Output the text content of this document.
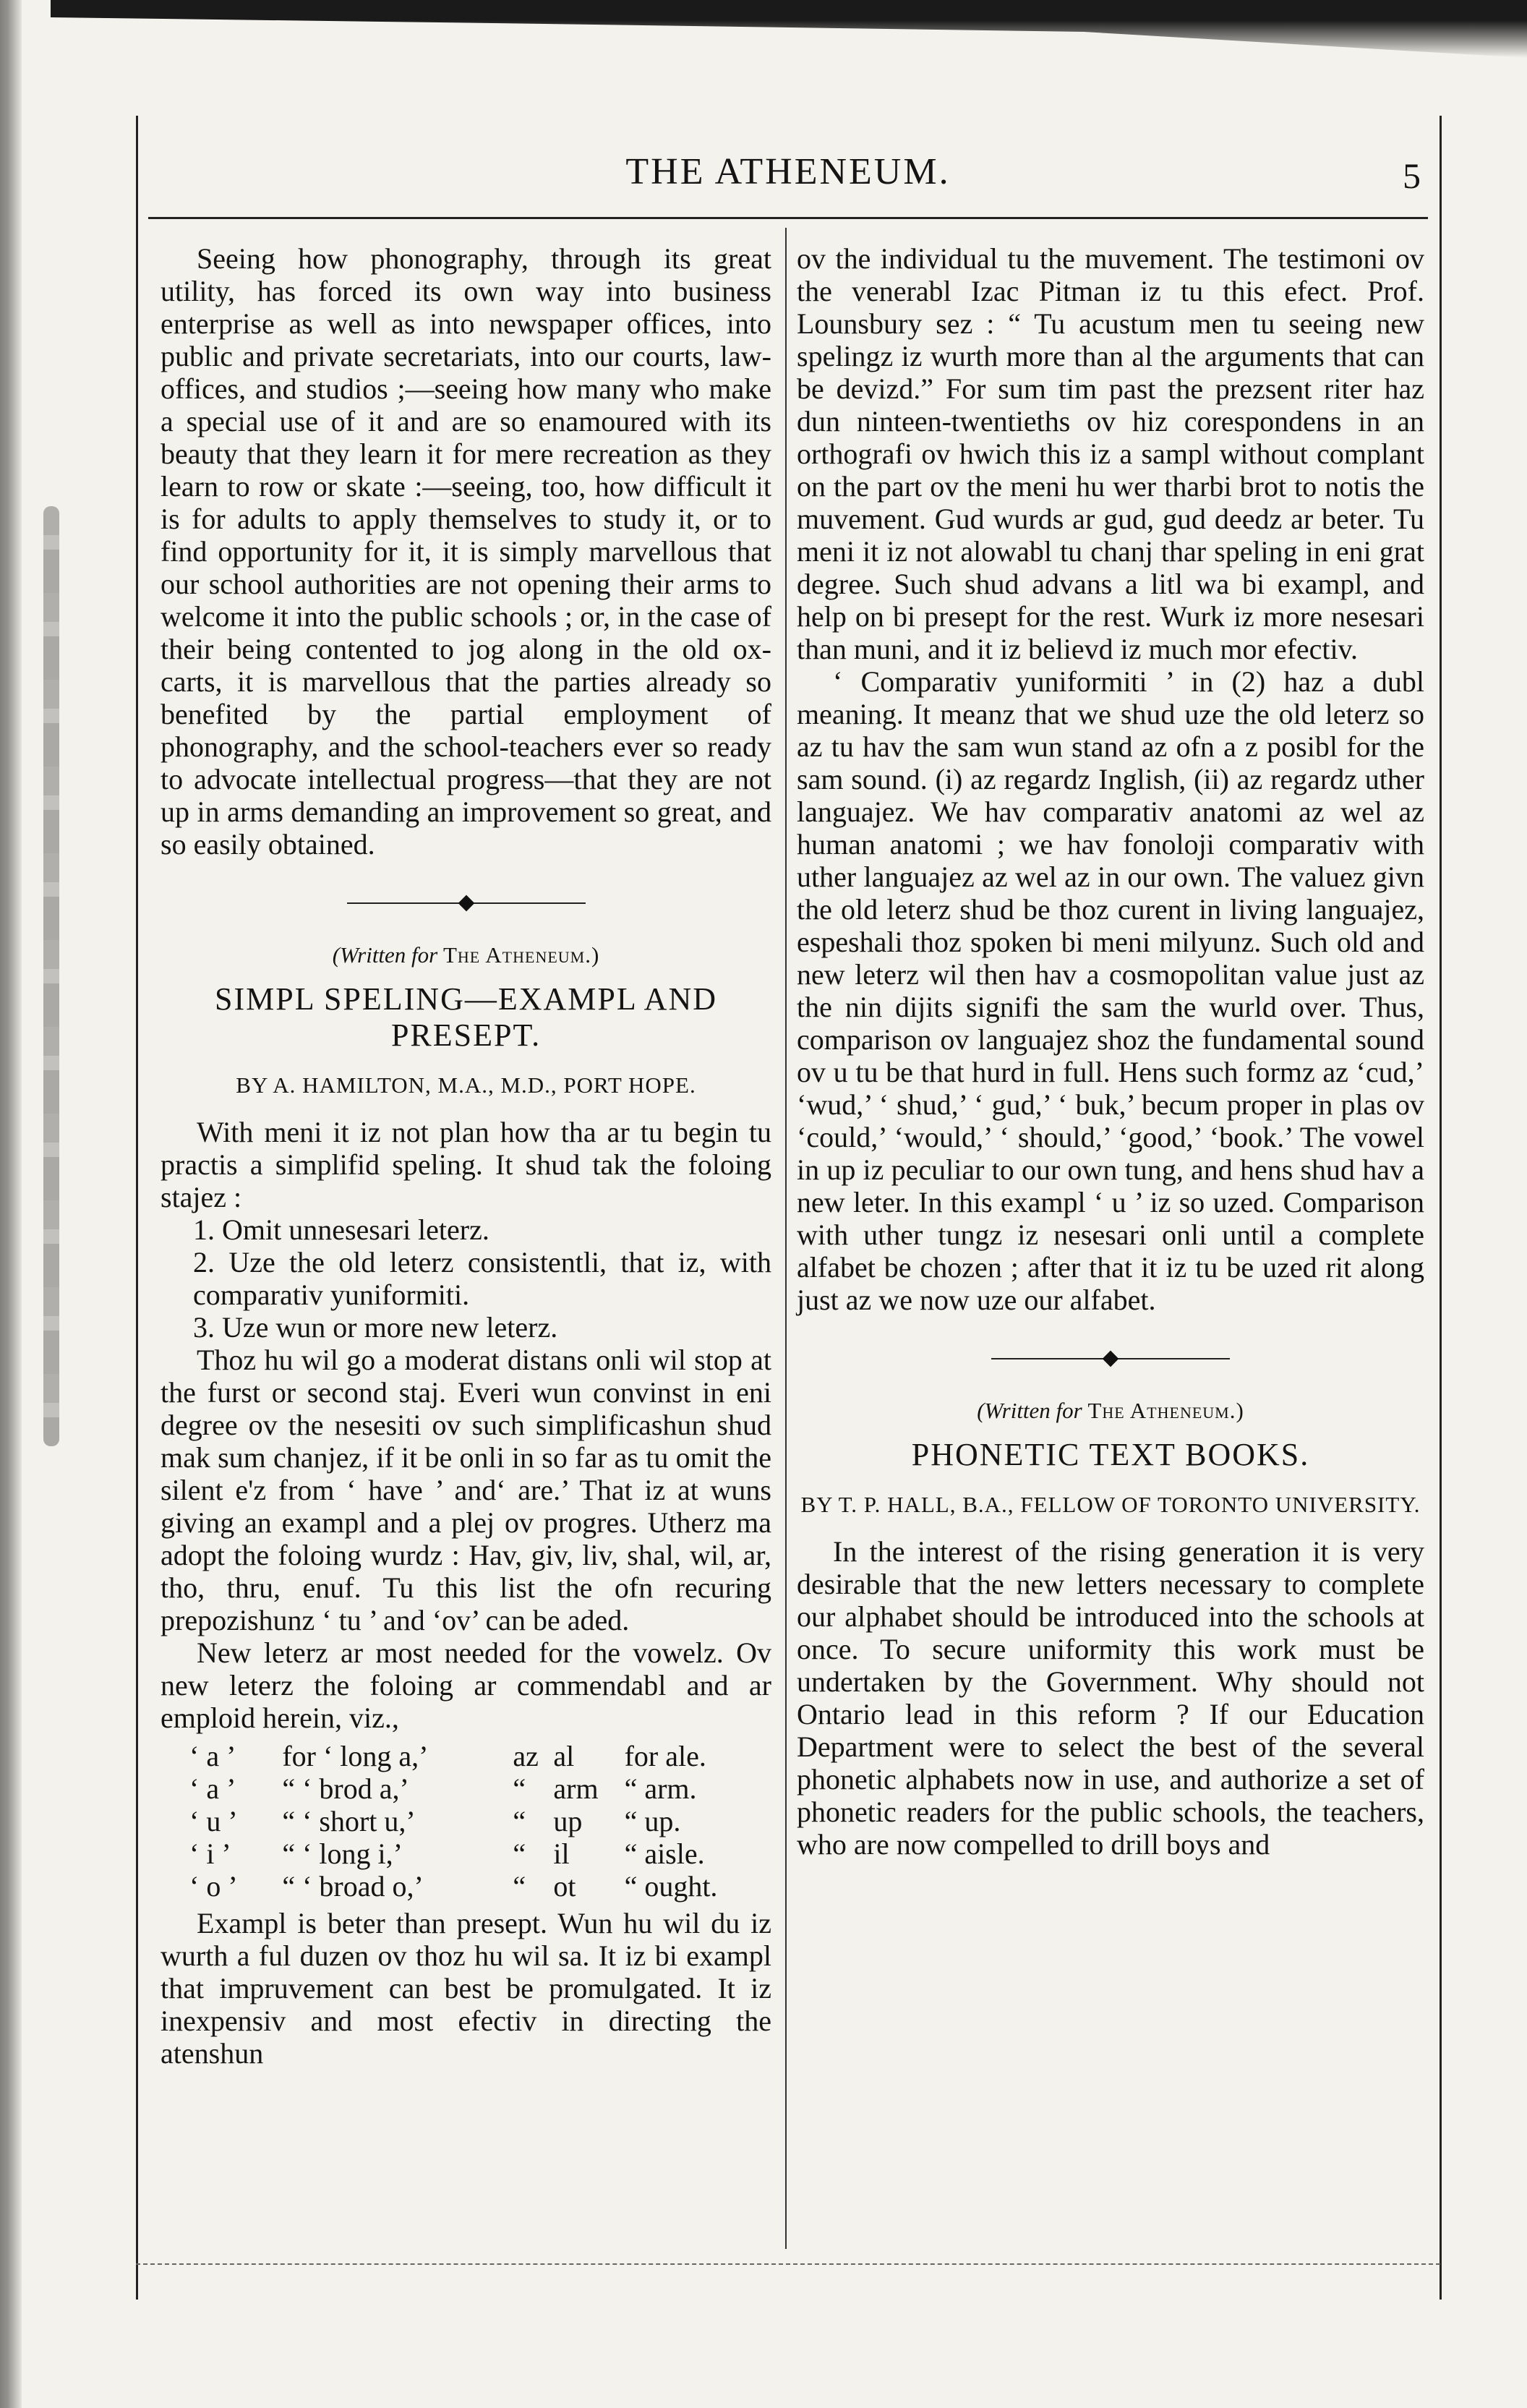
THE ATHENEUM.	5

Seeing how phonography, through its great utility, has forced its own way into business enterprise as well as into newspaper offices, into public and private secretariats, into our courts, law-offices, and studios ;—seeing how many who make a special use of it and are so enamoured with its beauty that they learn it for mere recreation as they learn to row or skate :—seeing, too, how difficult it is for adults to apply themselves to study it, or to find opportunity for it, it is simply marvellous that our school authorities are not opening their arms to welcome it into the public schools ; or, in the case of their being contented to jog along in the old ox-carts, it is marvellous that the parties already so benefited by the partial employment of phonography, and the school-teachers ever so ready to advocate intellectual progress—that they are not up in arms demanding an improvement so great, and so easily obtained.

(Written for The Atheneum.)
SIMPL SPELING—EXAMPL AND PRESEPT.
BY A. HAMILTON, M.A., M.D., PORT HOPE.

With meni it iz not plan how tha ar tu begin tu practis a simplifid speling. It shud tak the foloing stajez :

1. Omit unnesesari leterz.

2. Uze the old leterz consistentli, that iz, with comparativ yuniformiti.

3. Uze wun or more new leterz.

Thoz hu wil go a moderat distans onli wil stop at the furst or second staj. Everi wun convinst in eni degree ov the nesesiti ov such simplificashun shud mak sum chanjez, if it be onli in so far as tu omit the silent e'z from ‘ have ’ and‘ are.’ That iz at wuns giving an exampl and a plej ov progres. Utherz ma adopt the foloing wurdz : Hav, giv, liv, shal, wil, ar, tho, thru, enuf. Tu this list the ofn recuring prepozishunz ‘ tu ’ and ‘ov’ can be aded.

New leterz ar most needed for the vowelz. Ov new leterz the foloing ar commendabl and ar emploid herein, viz.,

‘ a ’	for ‘ long a,’	az	al	for ale.
‘ a ’	“ ‘ brod a,’	“	arm	“ arm.
‘ u ’	“ ‘ short u,’	“	up	“ up.
‘ i ’	“ ‘ long i,’	“	il	“ aisle.
‘ o ’	“ ‘ broad o,’	“	ot	“ ought.

Exampl is beter than presept. Wun hu wil du iz wurth a ful duzen ov thoz hu wil sa. It iz bi exampl that impruvement can best be promulgated. It iz inexpensiv and most efectiv in directing the atenshun

ov the individual tu the muvement. The testimoni ov the venerabl Izac Pitman iz tu this efect. Prof. Lounsbury sez : “ Tu acustum men tu seeing new spelingz iz wurth more than al the arguments that can be devizd.” For sum tim past the prezsent riter haz dun ninteen-twentieths ov hiz corespondens in an orthografi ov hwich this iz a sampl without complant on the part ov the meni hu wer tharbi brot to notis the muvement. Gud wurds ar gud, gud deedz ar beter. Tu meni it iz not alowabl tu chanj thar speling in eni grat degree. Such shud advans a litl wa bi exampl, and help on bi presept for the rest. Wurk iz more nesesari than muni, and it iz believd iz much mor efectiv.

‘ Comparativ yuniformiti ’ in (2) haz a dubl meaning. It meanz that we shud uze the old leterz so az tu hav the sam wun stand az ofn a z posibl for the sam sound. (i) az regardz Inglish, (ii) az regardz uther languajez. We hav comparativ anatomi az wel az human anatomi ; we hav fonoloji comparativ with uther languajez az wel az in our own. The valuez givn the old leterz shud be thoz curent in living languajez, espeshali thoz spoken bi meni milyunz. Such old and new leterz wil then hav a cosmopolitan value just az the nin dijits signifi the sam the wurld over. Thus, comparison ov languajez shoz the fundamental sound ov u tu be that hurd in full. Hens such formz az ‘cud,’ ‘wud,’ ‘ shud,’ ‘ gud,’ ‘ buk,’ becum proper in plas ov ‘could,’ ‘would,’ ‘ should,’ ‘good,’ ‘book.’ The vowel in up iz peculiar to our own tung, and hens shud hav a new leter. In this exampl ‘ u ’ iz so uzed. Comparison with uther tungz iz nesesari onli until a complete alfabet be chozen ; after that it iz tu be uzed rit along just az we now uze our alfabet.

(Written for The Atheneum.)
PHONETIC TEXT BOOKS.
BY T. P. HALL, B.A., FELLOW OF TORONTO UNIVERSITY.

In the interest of the rising generation it is very desirable that the new letters necessary to complete our alphabet should be introduced into the schools at once. To secure uniformity this work must be undertaken by the Government. Why should not Ontario lead in this reform ? If our Education Department were to select the best of the several phonetic alphabets now in use, and authorize a set of phonetic readers for the public schools, the teachers, who are now compelled to drill boys and
